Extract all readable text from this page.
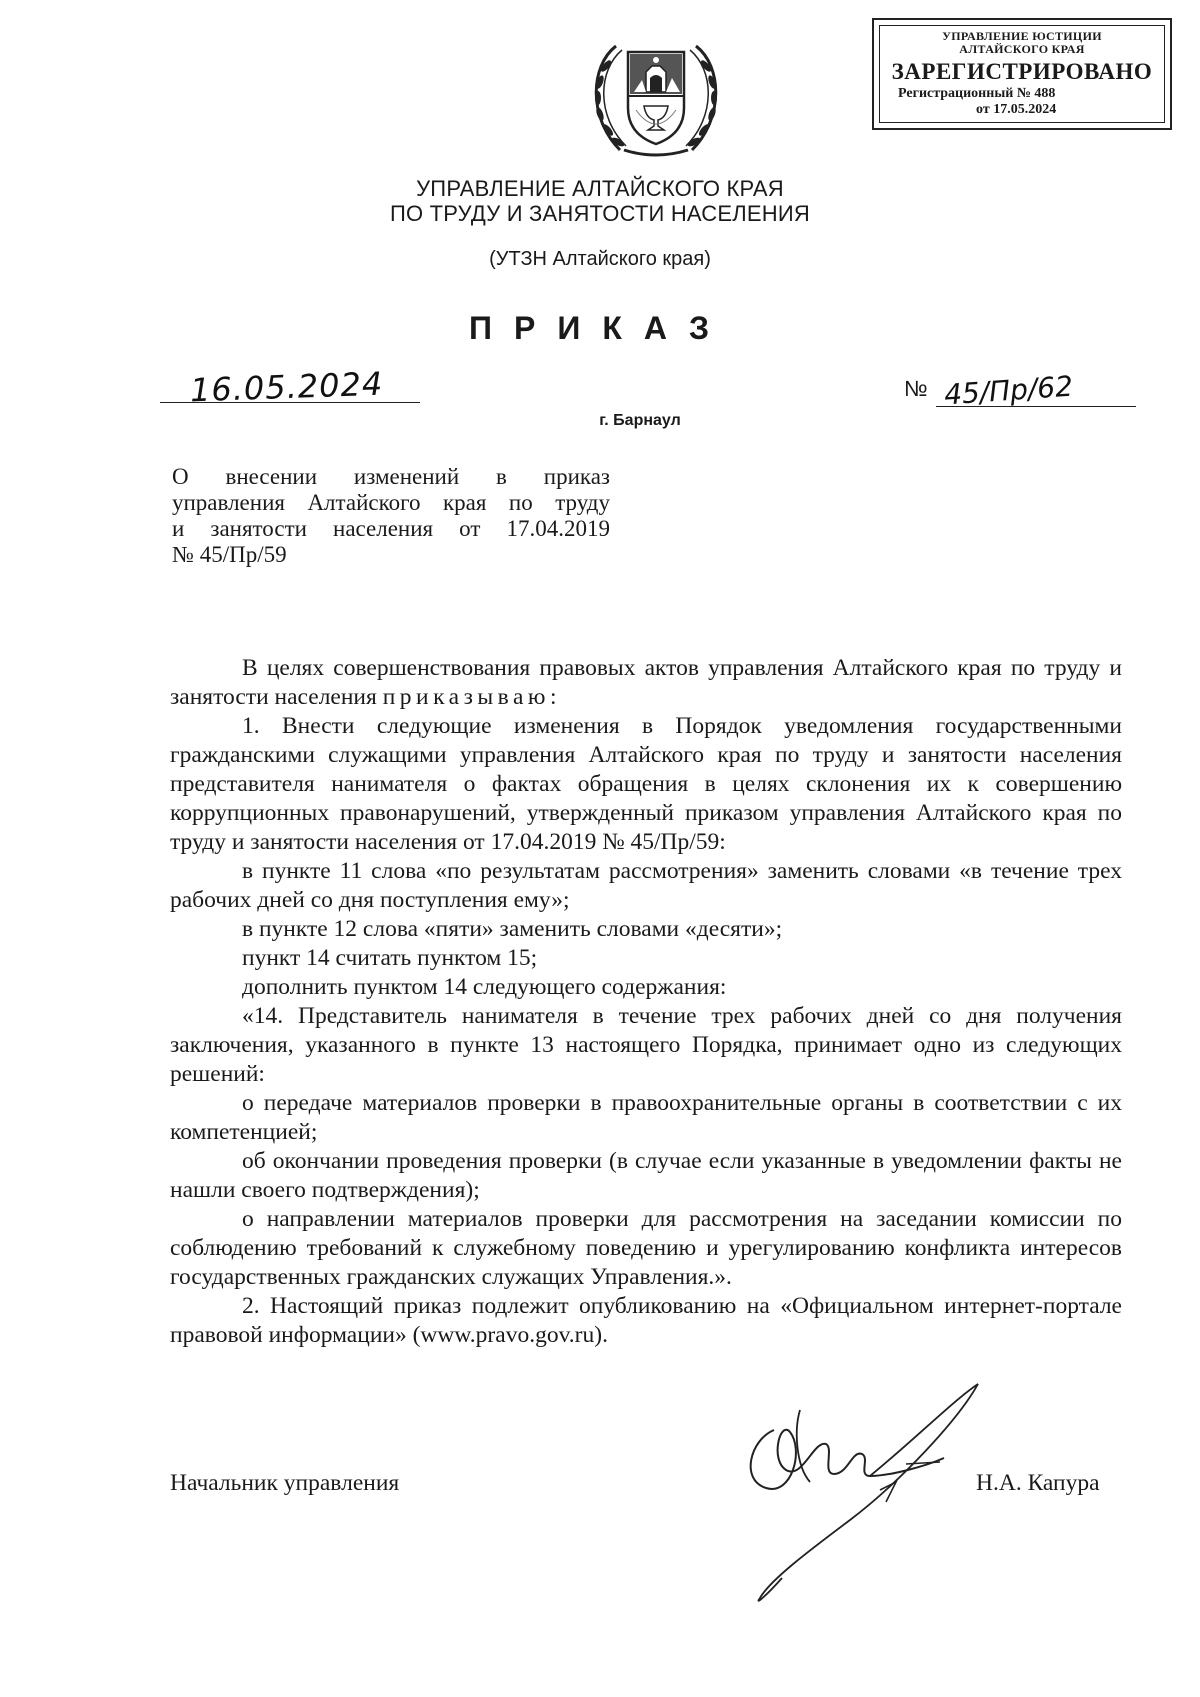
УПРАВЛЕНИЕ ЮСТИЦИИ
АЛТАЙСКОГО КРАЯ
ЗАРЕГИСТРИРОВАНО
Регистрационный № 488
от 17.05.2024
УПРАВЛЕНИЕ АЛТАЙСКОГО КРАЯ
ПО ТРУДУ И ЗАНЯТОСТИ НАСЕЛЕНИЯ
(УТЗН Алтайского края)
ПРИКАЗ
16.05.2024	№ 45/Пр/62
г. Барнаул
О внесении изменений в приказ
управления Алтайского края по труду
и занятости населения от 17.04.2019
№ 45/Пр/59

В целях совершенствования правовых актов управления Алтайского края по труду и занятости населения приказываю:

1. Внести следующие изменения в Порядок уведомления государственными гражданскими служащими управления Алтайского края по труду и занятости населения представителя нанимателя о фактах обращения в целях склонения их к совершению коррупционных правонарушений, утвержденный приказом управления Алтайского края по труду и занятости населения от 17.04.2019 № 45/Пр/59:

в пункте 11 слова «по результатам рассмотрения» заменить словами «в течение трех рабочих дней со дня поступления ему»;

в пункте 12 слова «пяти» заменить словами «десяти»;

пункт 14 считать пунктом 15;

дополнить пунктом 14 следующего содержания:

«14. Представитель нанимателя в течение трех рабочих дней со дня получения заключения, указанного в пункте 13 настоящего Порядка, принимает одно из следующих решений:

о передаче материалов проверки в правоохранительные органы в соответствии с их компетенцией;

об окончании проведения проверки (в случае если указанные в уведомлении факты не нашли своего подтверждения);

о направлении материалов проверки для рассмотрения на заседании комиссии по соблюдению требований к служебному поведению и урегулированию конфликта интересов государственных гражданских служащих Управления.».

2. Настоящий приказ подлежит опубликованию на «Официальном интернет-портале правовой информации» (www.pravo.gov.ru).

Начальник управления	Н.А. Капура
